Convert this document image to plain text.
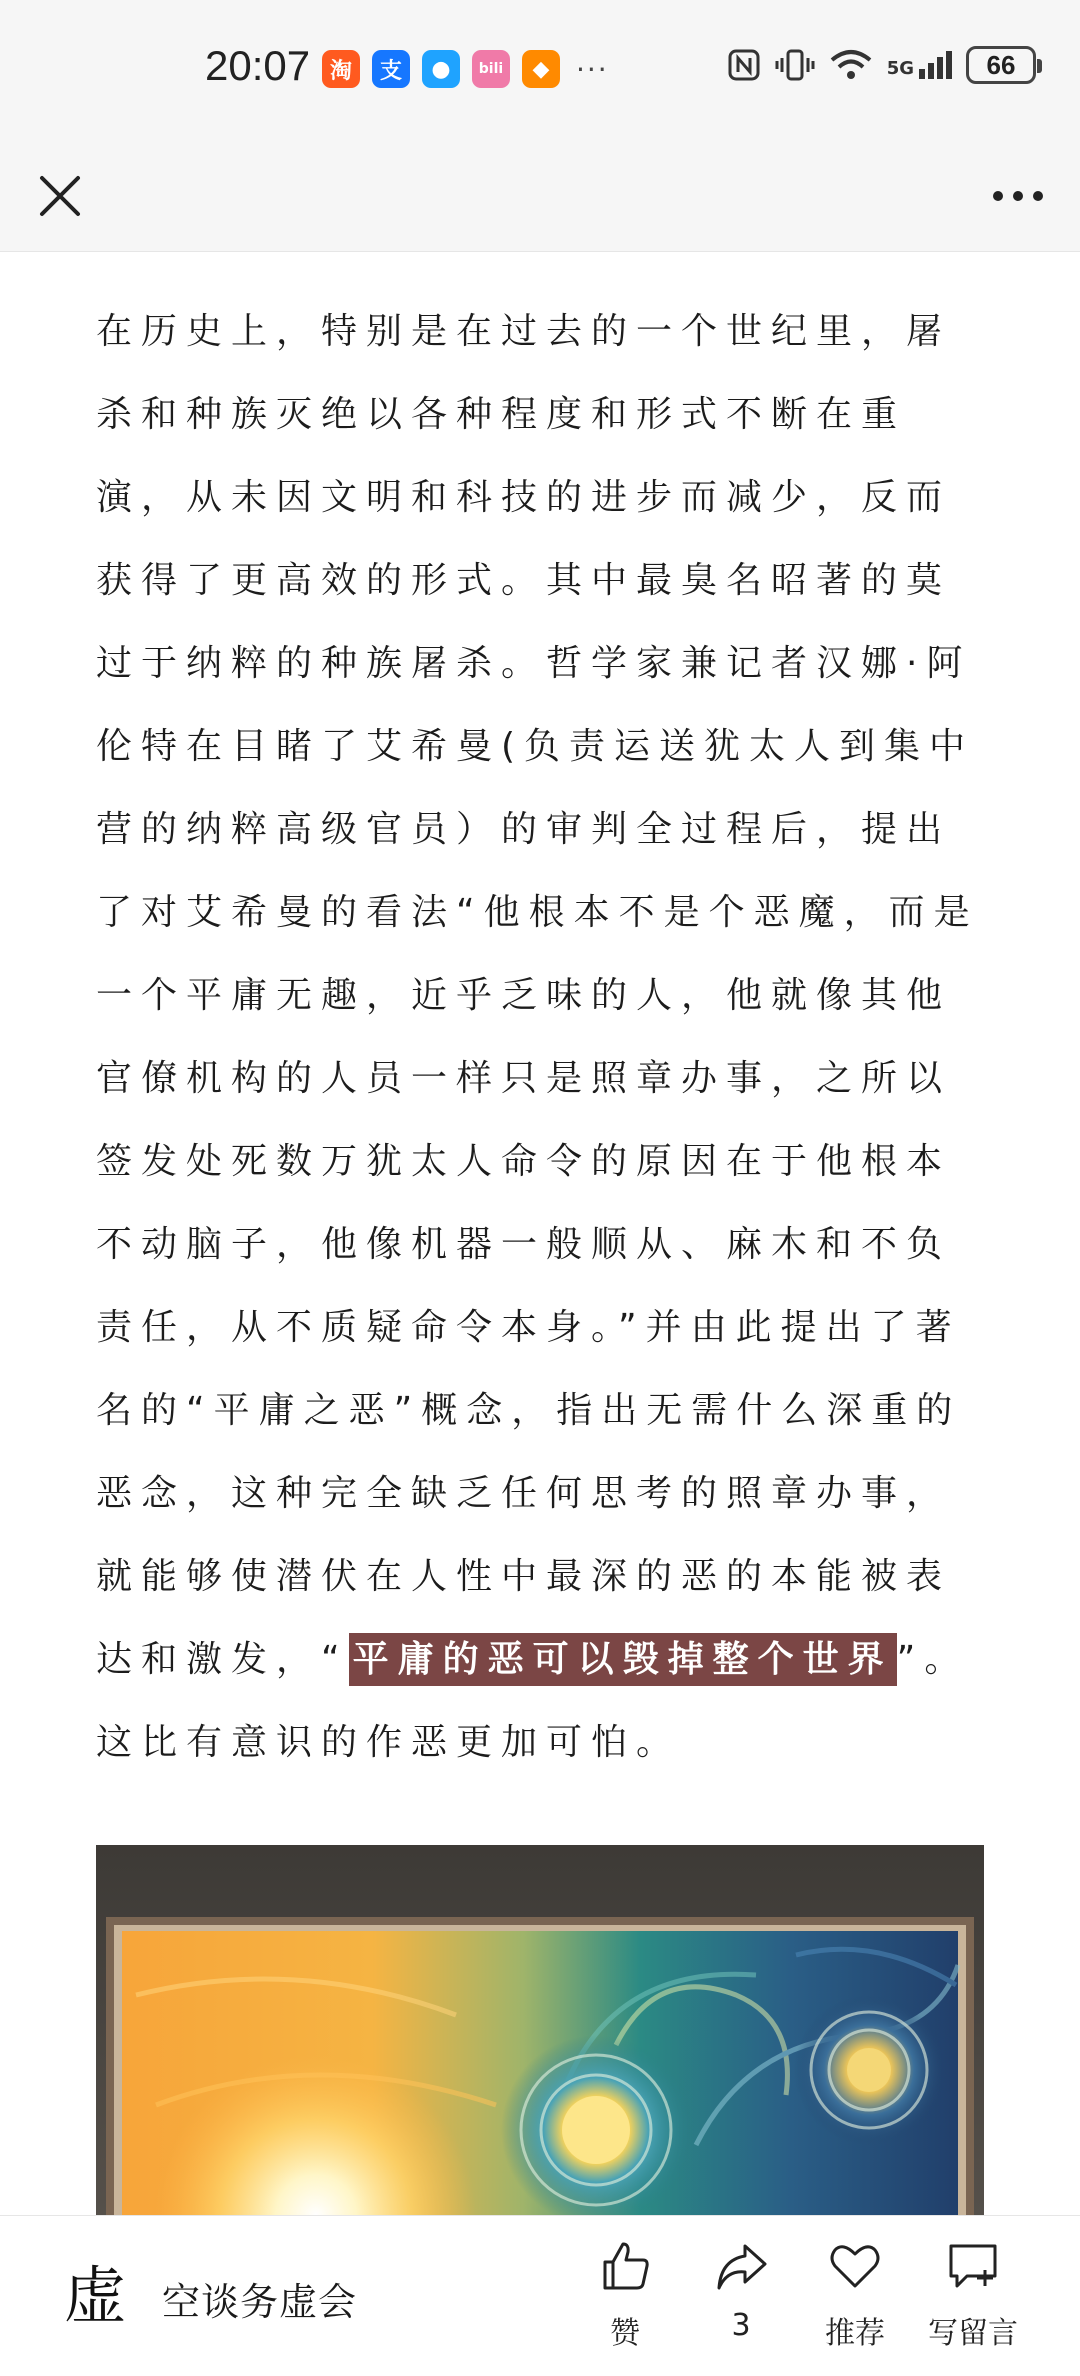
20:07 淘	支	●	bili	◆ ···	5G	66

在历史上，特别是在过去的一个世纪里，屠杀和种族灭绝以各种程度和形式不断在重演，从未因文明和科技的进步而减少，反而获得了更高效的形式。其中最臭名昭著的莫过于纳粹的种族屠杀。哲学家兼记者汉娜·阿伦特在目睹了艾希曼(负责运送犹太人到集中营的纳粹高级官员）的审判全过程后，提出了对艾希曼的看法“他根本不是个恶魔，而是一个平庸无趣，近乎乏味的人，他就像其他官僚机构的人员一样只是照章办事，之所以签发处死数万犹太人命令的原因在于他根本不动脑子，他像机器一般顺从、麻木和不负责任，从不质疑命令本身。”并由此提出了著名的“平庸之恶”概念，指出无需什么深重的恶念，这种完全缺乏任何思考的照章办事，就能够使潜伏在人性中最深的恶的本能被表达和激发，“ 平庸的恶可以毁掉整个世界 ”。这比有意识的作恶更加可怕。

虚 空谈务虚会
赞	3 推荐 写留言
